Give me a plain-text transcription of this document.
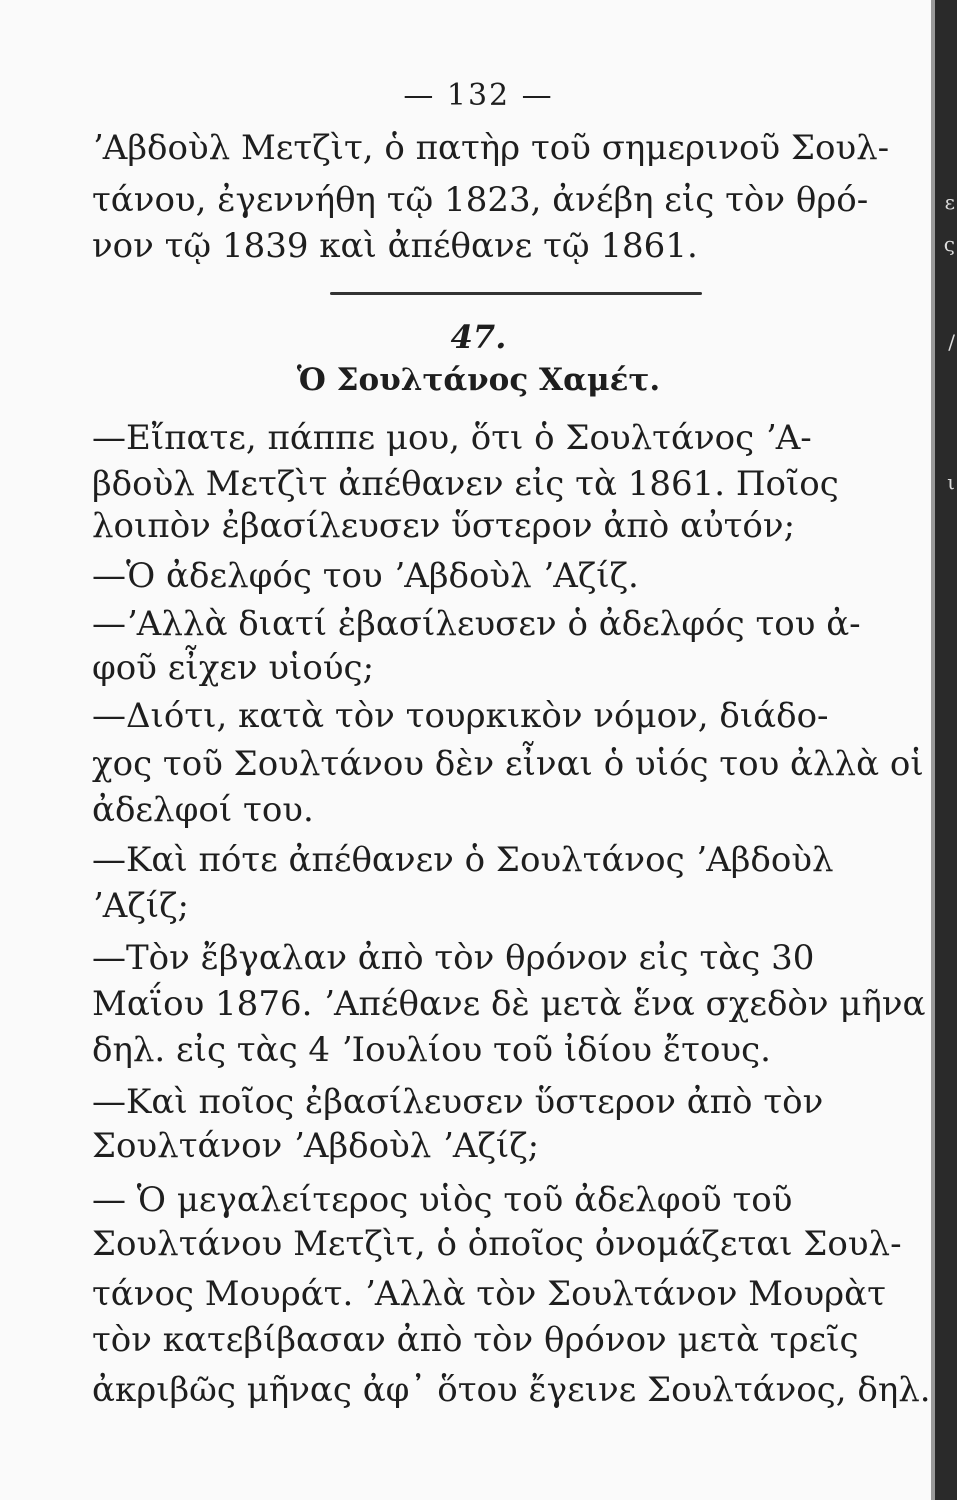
ε
ς
/
ι
— 132 —
ʼΑβδοὺλ Μετζὶτ, ὁ πατὴρ τοῦ σημερινοῦ Σουλ-
τάνου, ἐγεννήθη τῷ 1823, ἀνέβη εἰς τὸν θρό-
νον τῷ 1839 καὶ ἀπέθανε τῷ 1861.
47.
Ὁ Σουλτάνος Χαμέτ.
—Εἴπατε, πάππε μου, ὅτι ὁ Σουλτάνος ʼΑ-
βδοὺλ Μετζὶτ ἀπέθανεν εἰς τὰ 1861. Ποῖος
λοιπὸν ἐβασίλευσεν ὕστερον ἀπὸ αὐτόν;
—Ὁ ἀδελφός του ʼΑβδοὺλ ʼΑζίζ.
—ʼΑλλὰ διατί ἐβασίλευσεν ὁ ἀδελφός του ἀ-
φοῦ εἶχεν υἱούς;
—Διότι, κατὰ τὸν τουρκικὸν νόμον, διάδο-
χος τοῦ Σουλτάνου δὲν εἶναι ὁ υἱός του ἀλλὰ οἱ
ἀδελφοί του.
—Καὶ πότε ἀπέθανεν ὁ Σουλτάνος ʼΑβδοὺλ
ʼΑζίζ;
—Τὸν ἔβγαλαν ἀπὸ τὸν θρόνον εἰς τὰς 30
Μαΐου 1876. ʼΑπέθανε δὲ μετὰ ἕνα σχεδὸν μῆνα
δηλ. εἰς τὰς 4 ʼΙουλίου τοῦ ἰδίου ἔτους.
—Καὶ ποῖος ἐβασίλευσεν ὕστερον ἀπὸ τὸν
Σουλτάνον ʼΑβδοὺλ ʼΑζίζ;
— Ὁ μεγαλείτερος υἱὸς τοῦ ἀδελφοῦ τοῦ
Σουλτάνου Μετζὶτ, ὁ ὁποῖος ὀνομάζεται Σουλ-
τάνος Μουράτ. ʼΑλλὰ τὸν Σουλτάνον Μουρὰτ
τὸν κατεβίβασαν ἀπὸ τὸν θρόνον μετὰ τρεῖς
ἀκριβῶς μῆνας ἀφ᾿ ὅτου ἔγεινε Σουλτάνος, δηλ.
